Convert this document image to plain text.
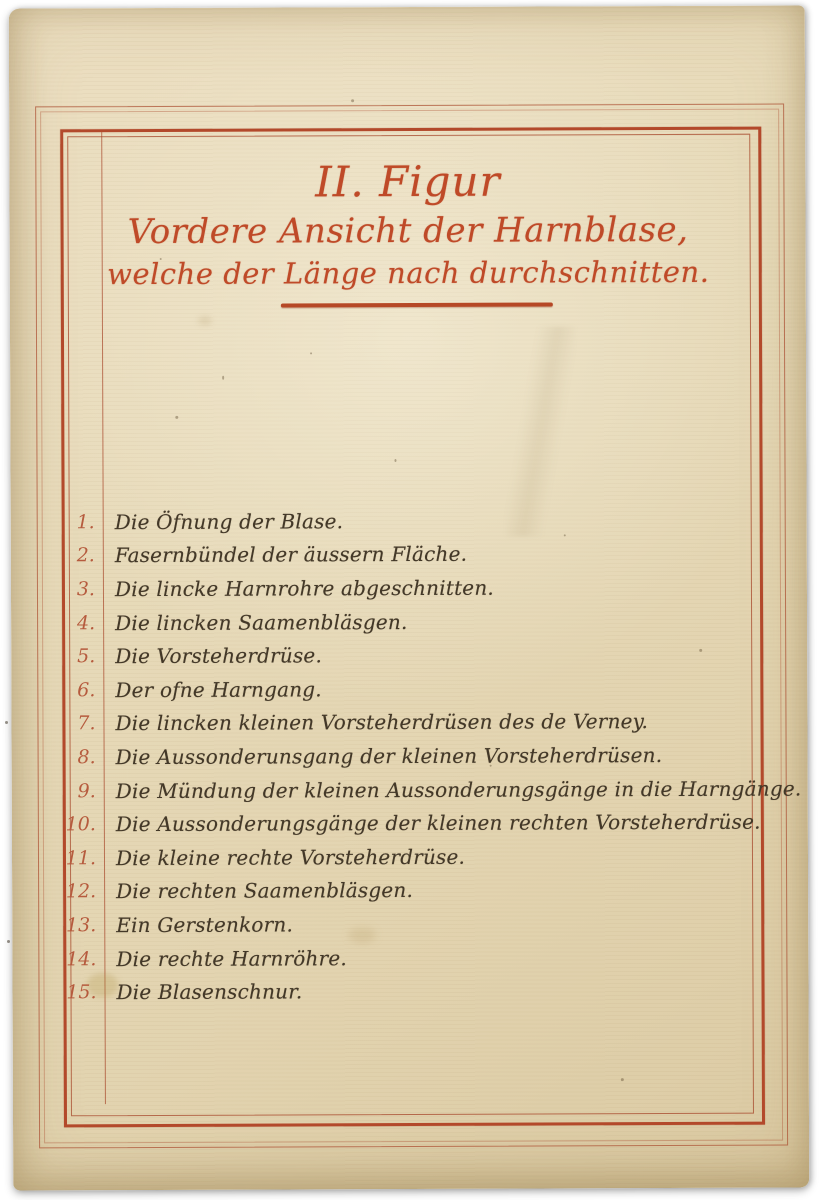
II. Figur
Vordere Ansicht der Harnblase,
welche der Länge nach durchschnitten.
1. Die Öfnung der Blase.
2. Fasernbündel der äussern Fläche.
3. Die lincke Harnrohre abgeschnitten.
4. Die lincken Saamenbläsgen.
5. Die Vorsteherdrüse.
6. Der ofne Harngang.
7. Die lincken kleinen Vorsteherdrüsen des de Verney.
8. Die Aussonderunsgang der kleinen Vorsteherdrüsen.
9. Die Mündung der kleinen Aussonderungsgänge in die Harngänge.
10. Die Aussonderungsgänge der kleinen rechten Vorsteherdrüse.
11. Die kleine rechte Vorsteherdrüse.
12. Die rechten Saamenbläsgen.
13. Ein Gerstenkorn.
14. Die rechte Harnröhre.
15. Die Blasenschnur.
